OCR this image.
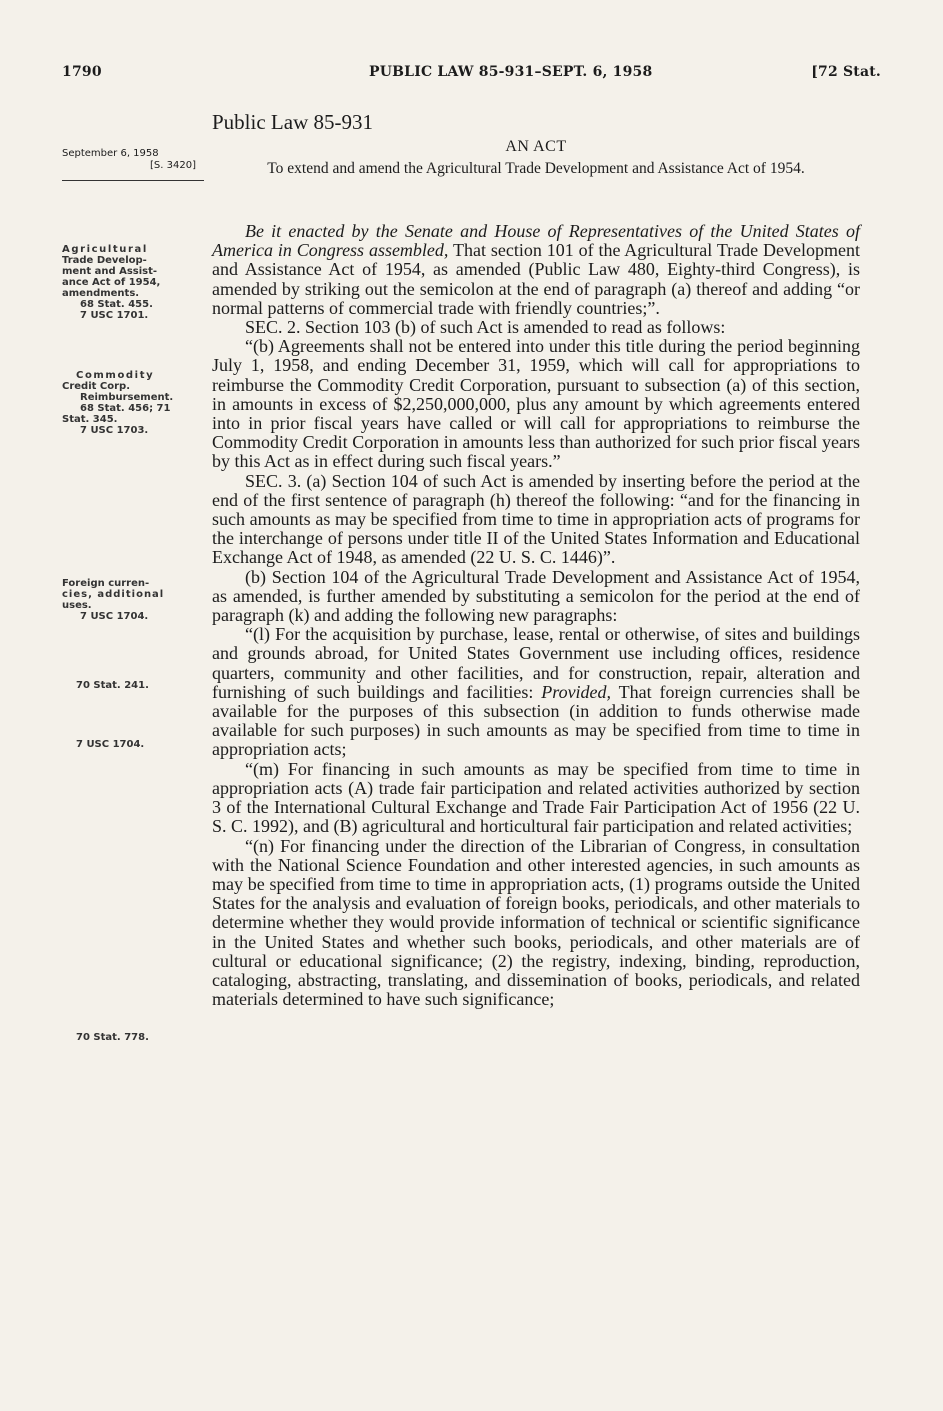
1790	PUBLIC LAW 85-931–SEPT. 6, 1958	[72 Stat.
Public Law 85-931
September 6, 1958
[S. 3420]
AN ACT
To extend and amend the Agricultural Trade Development and Assistance Act of 1954.
Agricultural
Trade Develop-
ment and Assist-
ance Act of 1954,
amendments.
68 Stat. 455.
7 USC 1701.
Commodity
Credit Corp.
Reimbursement.
68 Stat. 456; 71
Stat. 345.
7 USC 1703.
Foreign curren-
cies, additional
uses.
7 USC 1704.
70 Stat. 241.
7 USC 1704.
70 Stat. 778.

Be it enacted by the Senate and House of Representatives of the United States of America in Congress assembled, That section 101 of the Agricultural Trade Development and Assistance Act of 1954, as amended (Public Law 480, Eighty-third Congress), is amended by striking out the semicolon at the end of paragraph (a) thereof and adding “or normal patterns of commercial trade with friendly countries;”.

SEC. 2. Section 103 (b) of such Act is amended to read as follows:

“(b) Agreements shall not be entered into under this title during the period beginning July 1, 1958, and ending December 31, 1959, which will call for appropriations to reimburse the Commodity Credit Corporation, pursuant to subsection (a) of this section, in amounts in excess of $2,250,000,000, plus any amount by which agreements entered into in prior fiscal years have called or will call for appropriations to reimburse the Commodity Credit Corporation in amounts less than authorized for such prior fiscal years by this Act as in effect during such fiscal years.”

SEC. 3. (a) Section 104 of such Act is amended by inserting before the period at the end of the first sentence of paragraph (h) thereof the following: “and for the financing in such amounts as may be specified from time to time in appropriation acts of programs for the interchange of persons under title II of the United States Information and Educational Exchange Act of 1948, as amended (22 U. S. C. 1446)”.

(b) Section 104 of the Agricultural Trade Development and Assistance Act of 1954, as amended, is further amended by substituting a semicolon for the period at the end of paragraph (k) and adding the following new paragraphs:

“(l) For the acquisition by purchase, lease, rental or otherwise, of sites and buildings and grounds abroad, for United States Government use including offices, residence quarters, community and other facilities, and for construction, repair, alteration and furnishing of such buildings and facilities: Provided, That foreign currencies shall be available for the purposes of this subsection (in addition to funds otherwise made available for such purposes) in such amounts as may be specified from time to time in appropriation acts;

“(m) For financing in such amounts as may be specified from time to time in appropriation acts (A) trade fair participation and related activities authorized by section 3 of the International Cultural Exchange and Trade Fair Participation Act of 1956 (22 U. S. C. 1992), and (B) agricultural and horticultural fair participation and related activities;

“(n) For financing under the direction of the Librarian of Congress, in consultation with the National Science Foundation and other interested agencies, in such amounts as may be specified from time to time in appropriation acts, (1) programs outside the United States for the analysis and evaluation of foreign books, periodicals, and other materials to determine whether they would provide information of technical or scientific significance in the United States and whether such books, periodicals, and other materials are of cultural or educational significance; (2) the registry, indexing, binding, reproduction, cataloging, abstracting, translating, and dissemination of books, periodicals, and related materials determined to have such significance;
